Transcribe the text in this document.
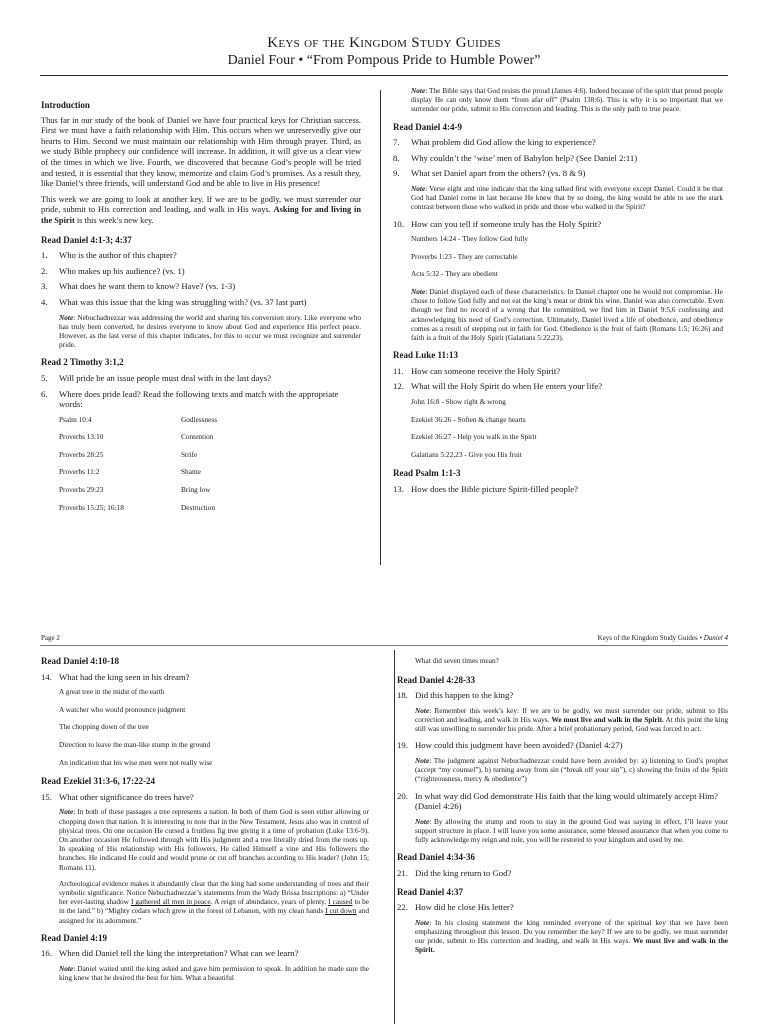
Keys of the Kingdom Study Guides
Daniel Four • “From Pompous Pride to Humble Power”
Introduction
Thus far in our study of the book of Daniel we have four practical keys for Christian success. First we must have a faith relationship with Him. This occurs when we unreservedly give our hearts to Him. Second we must maintain our relationship with Him through prayer. Third, as we study Bible prophecy our confidence will increase. In addition, it will give us a clear view of the times in which we live. Fourth, we discovered that because God’s people will be tried and tested, it is essential that they know, memorize and claim God’s promises. As a result they, like Daniel’s three friends, will understand God and be able to live in His presence!
This week we are going to look at another key. If we are to be godly, we must surrender our pride, submit to His correction and leading, and walk in His ways. Asking for and living in the Spirit is this week’s new key.
Read Daniel 4:1-3; 4:37
1. Who is the author of this chapter?
2. Who makes up his audience? (vs. 1)
3. What does he want them to know? Have? (vs. 1-3)
4. What was this issue that the king was struggling with? (vs. 37 last part)
Note: Nebuchadnezzar was addressing the world and sharing his conversion story. Like everyone who has truly been converted, he desires everyone to know about God and experience His perfect peace. However, as the last verse of this chapter indicates, for this to occur we must recognize and surrender pride.
Read 2 Timothy 3:1,2
5. Will pride be an issue people must deal with in the last days?
6. Where does pride lead? Read the following texts and match with the appropriate words:
Psalm 10:4	Godlessness
Proverbs 13:10	Contention
Proverbs 28:25	Strife
Proverbs 11:2	Shame
Proverbs 29:23	Bring low
Proverbs 15:25; 16:18	Destruction
Note: The Bible says that God resists the proud (James 4:6). Indeed because of the spirit that proud people display He can only know them “from afar off” (Psalm 138:6). This is why it is so important that we surrender our pride, submit to His correction and leading. This is the only path to true peace.
Read Daniel 4:4-9
7. What problem did God allow the king to experience?
8. Why couldn’t the ‘wise’ men of Babylon help? (See Daniel 2:11)
9. What set Daniel apart from the others? (vs. 8 & 9)
Note: Verse eight and nine indicate that the king talked first with everyone except Daniel. Could it be that God had Daniel come in last because He knew that by so doing, the king would be able to see the stark contrast between those who walked in pride and those who walked in the Spirit?
10. How can you tell if someone truly has the Holy Spirit?
Numbers 14:24 - They follow God fully
Proverbs 1:23 - They are correctable
Acts 5:32 - They are obedient
Note: Daniel displayed each of these characteristics. In Daniel chapter one he would not compromise. He chose to follow God fully and not eat the king’s meat or drink his wine. Daniel was also correctable. Even though we find no record of a wrong that He committed, we find him in Daniel 9:5,6 confessing and acknowledging his need of God’s correction. Ultimately, Daniel lived a life of obedience, and obedience comes as a result of stepping out in faith for God. Obedience is the fruit of faith (Romans 1:5; 16:26) and faith is a fruit of the Holy Spirit (Galatians 5:22,23).
Read Luke 11:13
11. How can someone receive the Holy Spirit?
12. What will the Holy Spirit do when He enters your life?
John 16:8 - Show right & wrong
Ezekiel 36:26 - Soften & change hearts
Ezekiel 36:27 - Help you walk in the Spirit
Galatians 5:22,23 - Give you His fruit
Read Psalm 1:1-3
13. How does the Bible picture Spirit-filled people?
Page 2	Keys of the Kingdom Study Guides • Daniel 4
Read Daniel 4:10-18
14. What had the king seen in his dream?
A great tree in the midst of the earth
A watcher who would pronounce judgment
The chopping down of the tree
Direction to leave the man-like stump in the ground
An indication that his wise men were not really wise
Read Ezekiel 31:3-6, 17:22-24
15. What other significance do trees have?
Note: In both of these passages a tree represents a nation. In both of them God is seen either allowing or chopping down that nation. It is interesting to note that in the New Testament, Jesus also was in control of physical trees. On one occasion He cursed a fruitless fig tree giving it a time of probation (Luke 13:6-9). On another occasion He followed through with His judgment and a tree literally dried from the roots up. In speaking of His relationship with His followers, He called Himself a vine and His followers the branches. He indicated He could and would prune or cut off branches according to His leader? (John 15; Romans 11).
Archeological evidence makes it abundantly clear that the king had some understanding of trees and their symbolic significance. Notice Nebuchadnezzar’s statements from the Wady Brissa Inscriptions: a) “Under her ever-lasting shadow I gathered all men in peace. A reign of abundance, years of plenty, I caused to be in the land.” b) “Mighty cedars which grew in the forest of Lebanon, with my clean hands I cut down and assigned for its adornment.”
Read Daniel 4:19
16. When did Daniel tell the king the interpretation? What can we learn?
Note: Daniel waited until the king asked and gave him permission to speak. In addition he made sure the king knew that he desired the best for him. What a beautiful
What did seven times mean?
Read Daniel 4:28-33
18. Did this happen to the king?
Note: Remember this week’s key: If we are to be godly, we must surrender our pride, submit to His correction and leading, and walk in His ways. We must live and walk in the Spirit. At this point the king still was unwilling to surrender his pride. After a brief probationary period, God was forced to act.
19. How could this judgment have been avoided? (Daniel 4:27)
Note: The judgment against Nebuchadnezzar could have been avoided by: a) listening to God’s prophet (accept “my counsel”), b) turning away from sin (“break off your sin”), c) showing the fruits of the Spirit (“righteousness, mercy & obedience”)
20. In what way did God demonstrate His faith that the king would ultimately accept Him? (Daniel 4:26)
Note: By allowing the stump and roots to stay in the ground God was saying in effect, I’ll leave your support structure in place. I will leave you some assurance, some blessed assurance that when you come to fully acknowledge my reign and rule, you will be restored to your kingdom and used by me.
Read Daniel 4:34-36
21. Did the king return to God?
Read Daniel 4:37
22. How did he close His letter?
Note: In his closing statement the king reminded everyone of the spiritual key that we have been emphasizing throughout this lesson. Do you remember the key? If we are to be godly, we must surrender our pride, submit to His correction and leading, and walk in His ways. We must live and walk in the Spirit.
